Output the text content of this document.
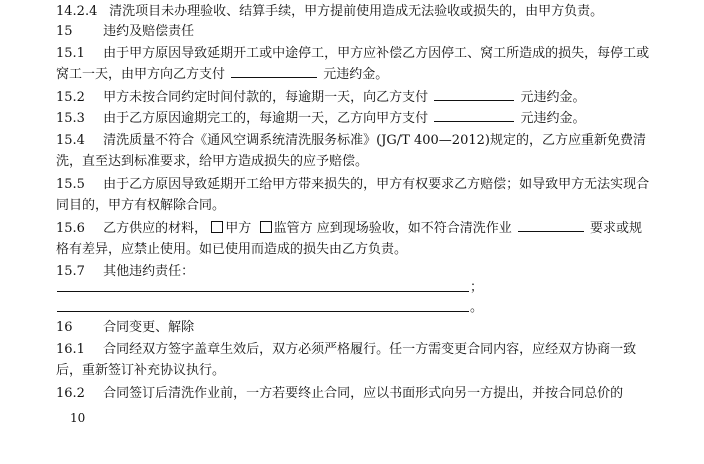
14.2.4 清洗项目未办理验收、结算手续，甲方提前使用造成无法验收或损失的，由甲方负责。
15 违约及赔偿责任
15.1 由于甲方原因导致延期开工或中途停工，甲方应补偿乙方因停工、窝工所造成的损失，每停工或
窝工一天，由甲方向乙方支付	元违约金。
15.2 甲方未按合同约定时间付款的，每逾期一天，向乙方支付	元违约金。
15.3 由于乙方原因逾期完工的，每逾期一天，乙方向甲方支付	元违约金。
15.4 清洗质量不符合《通风空调系统清洗服务标准》(JG/T 400—2012)规定的，乙方应重新免费清
洗，直至达到标准要求，给甲方造成损失的应予赔偿。
15.5 由于乙方原因导致延期开工给甲方带来损失的，甲方有权要求乙方赔偿；如导致甲方无法实现合
同目的，甲方有权解除合同。
15.6 乙方供应的材料， 甲方 监管方 应到现场验收，如不符合清洗作业	要求或规
格有差异，应禁止使用。如已使用而造成的损失由乙方负责。
15.7 其他违约责任：
；
。
16 合同变更、解除
16.1 合同经双方签字盖章生效后，双方必须严格履行。任一方需变更合同内容，应经双方协商一致
后，重新签订补充协议执行。
16.2 合同签订后清洗作业前，一方若要终止合同，应以书面形式向另一方提出，并按合同总价的
10
